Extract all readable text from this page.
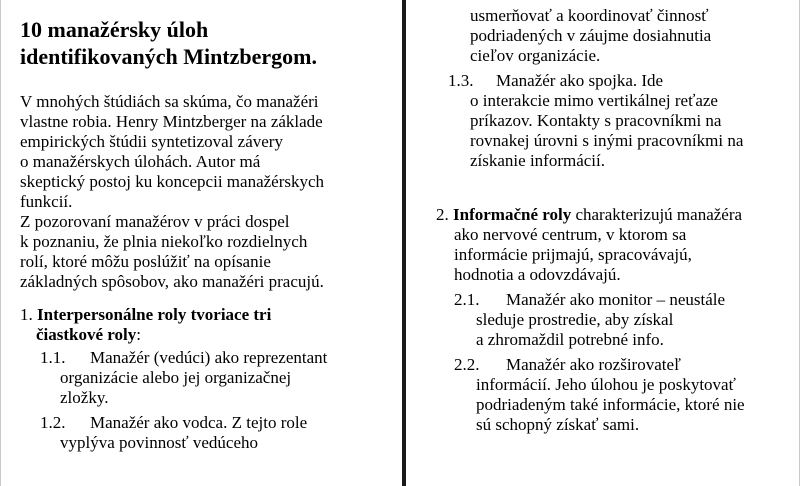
10 manažérsky úloh
identifikovaných Mintzbergom.
V mnohých štúdiách sa skúma, čo manažéri
vlastne robia. Henry Mintzberger na základe
empirických štúdii syntetizoval závery
o manažérskych úlohách. Autor má
skeptický postoj ku koncepcii manažérskych
funkcií.
Z pozorovaní manažérov v práci dospel
k poznaniu, že plnia niekoľko rozdielnych
rolí, ktoré môžu poslúžiť na opísanie
základných spôsobov, ako manažéri pracujú.
1. Interpersonálne roly tvoriace tri
čiastkové roly:
1.1. Manažér (vedúci) ako reprezentant
organizácie alebo jej organizačnej
zložky.
1.2. Manažér ako vodca. Z tejto role
vyplýva povinnosť vedúceho
usmerňovať a koordinovať činnosť
podriadených v záujme dosiahnutia
cieľov organizácie.
1.3. Manažér ako spojka. Ide
o interakcie mimo vertikálnej reťaze
príkazov. Kontakty s pracovníkmi na
rovnakej úrovni s inými pracovníkmi na
získanie informácií.
2. Informačné roly charakterizujú manažéra
ako nervové centrum, v ktorom sa
informácie prijmajú, spracovávajú,
hodnotia a odovzdávajú.
2.1. Manažér ako monitor – neustále
sleduje prostredie, aby získal
a zhromaždil potrebné info.
2.2. Manažér ako rozširovateľ
informácií. Jeho úlohou je poskytovať
podriadeným také informácie, ktoré nie
sú schopný získať sami.
